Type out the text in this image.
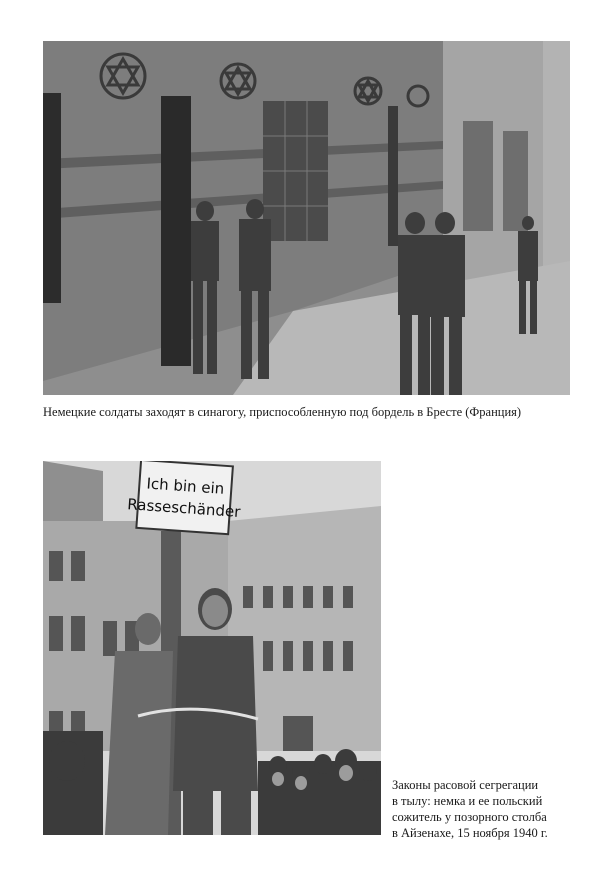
Немецкие солдаты заходят в синагогу, приспособленную под бордель в Бресте (Франция)

Ich bin ein
Rasseschänder

Законы расовой сегрегации
в тылу: немка и ее польский
сожитель у позорного столба
в Айзенахе, 15 ноября 1940 г.
